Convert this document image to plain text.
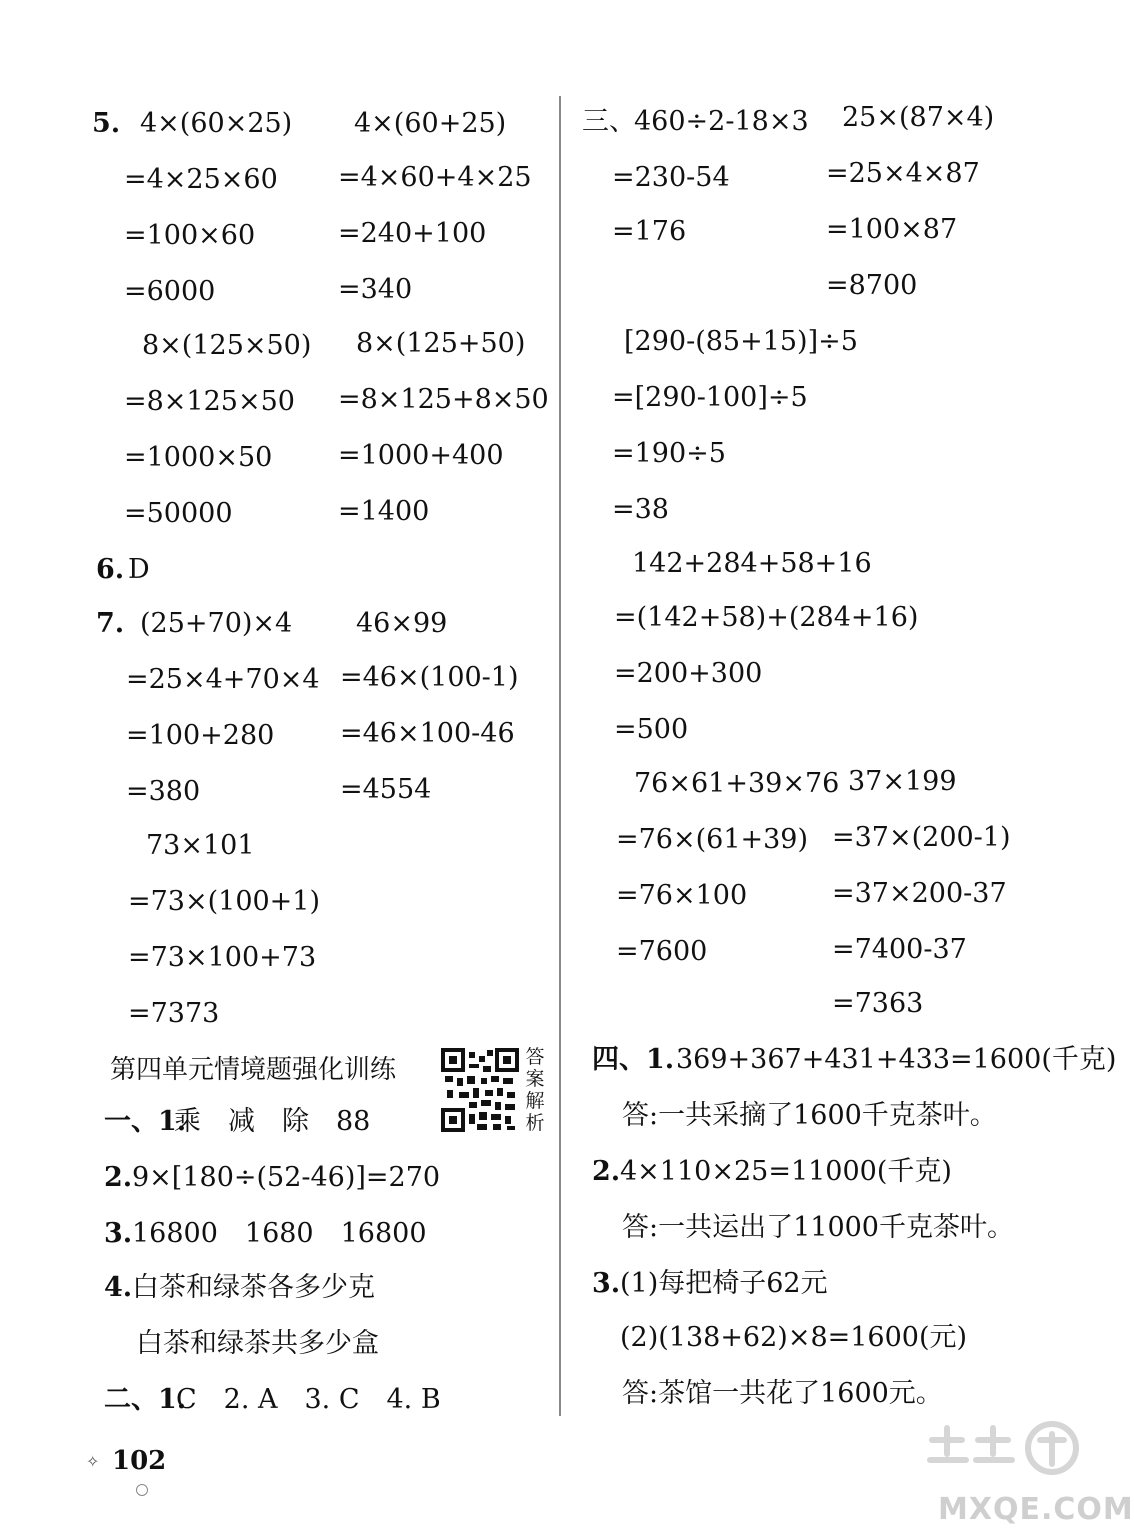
5. 4×(60×25)
=4×25×60
=100×60
=6000
8×(125×50)
=8×125×50
=1000×50
=50000
4×(60+25)
=4×60+4×25
=240+100
=340
8×(125+50)
=8×125+8×50
=1000+400
=1400
6. D
7. (25+70)×4
=25×4+70×4
=100+280
=380
73×101
=73×(100+1)
=73×100+73
=7373
46×99
=46×(100-1)
=46×100-46
=4554
第四单元情境题强化训练	答案解析
一、1.
乘　减　除　88
2. 9×[180÷(52-46)]=270
3. 16800　1680　16800
4. 白茶和绿茶各多少克
白茶和绿茶共多少盒
二、1.
C　2. A　3. C　4. B
三、
460÷2-18×3
=230-54
=176
25×(87×4)
=25×4×87
=100×87
=8700
[290-(85+15)]÷5
=[290-100]÷5
=190÷5
=38
142+284+58+16
=(142+58)+(284+16)
=200+300
=500
76×61+39×76
=76×(61+39)
=76×100
=7600
37×199
=37×(200-1)
=37×200-37
=7400-37
=7363
四、1. 369+367+431+433=1600(千克)
答:一共采摘了1600千克茶叶。
2. 4×110×25=11000(千克)
答:一共运出了11000千克茶叶。
3. (1)每把椅子62元
(2)(138+62)×8=1600(元)
答:茶馆一共花了1600元。
✧ 102
MXQE.COM
